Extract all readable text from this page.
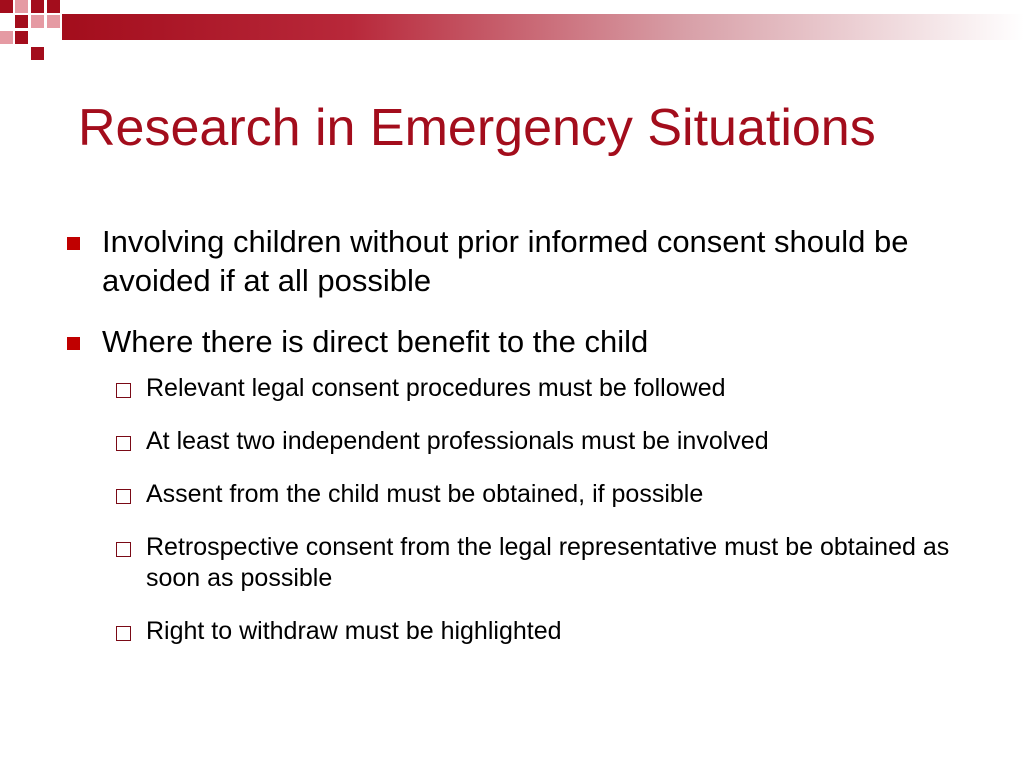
Research in Emergency Situations
Involving children without prior informed consent should be avoided if at all possible
Where there is direct benefit to the child
Relevant legal consent procedures must be followed
At least two independent professionals must be involved
Assent from the child must be obtained, if possible
Retrospective consent from the legal representative must be obtained as soon as possible
Right to withdraw must be highlighted
